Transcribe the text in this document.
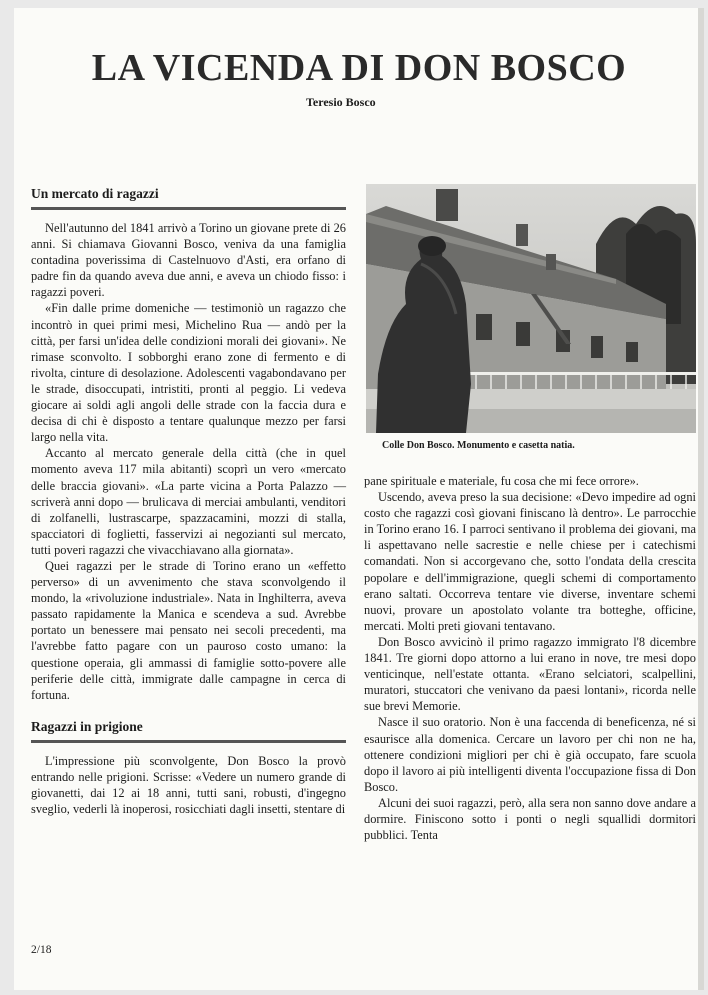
LA VICENDA DI DON BOSCO

Teresio Bosco

Un mercato di ragazzi

Nell'autunno del 1841 arrivò a Torino un giovane prete di 26 anni. Si chiamava Giovanni Bosco, veniva da una famiglia contadina poverissima di Castelnuovo d'Asti, era orfano di padre fin da quando aveva due anni, e aveva un chiodo fisso: i ragazzi poveri.

«Fin dalle prime domeniche — testimoniò un ragazzo che incontrò in quei primi mesi, Michelino Rua — andò per la città, per farsi un'idea delle condizioni morali dei giovani». Ne rimase sconvolto. I sobborghi erano zone di fermento e di rivolta, cinture di desolazione. Adolescenti vagabondavano per le strade, disoccupati, intristiti, pronti al peggio. Li vedeva giocare ai soldi agli angoli delle strade con la faccia dura e decisa di chi è disposto a tentare qualunque mezzo per farsi largo nella vita.

Accanto al mercato generale della città (che in quel momento aveva 117 mila abitanti) scoprì un vero «mercato delle braccia giovani». «La parte vicina a Porta Palazzo — scriverà anni dopo — brulicava di merciai ambulanti, venditori di zolfanelli, lustrascarpe, spazzacamini, mozzi di stalla, spacciatori di foglietti, fasservizi ai negozianti sul mercato, tutti poveri ragazzi che vivacchiavano alla giornata».

Quei ragazzi per le strade di Torino erano un «effetto perverso» di un avvenimento che stava sconvolgendo il mondo, la «rivoluzione industriale». Nata in Inghilterra, aveva passato rapidamente la Manica e scendeva a sud. Avrebbe portato un benessere mai pensato nei secoli precedenti, ma l'avrebbe fatto pagare con un pauroso costo umano: la questione operaia, gli ammassi di famiglie sotto-povere alle periferie delle città, immigrate dalle campagne in cerca di fortuna.

Ragazzi in prigione

L'impressione più sconvolgente, Don Bosco la provò entrando nelle prigioni. Scrisse: «Vedere un numero grande di giovanetti, dai 12 ai 18 anni, tutti sani, robusti, d'ingegno sveglio, vederli là inoperosi, rosicchiati dagli insetti, stentare di

Colle Don Bosco. Monumento e casetta natia.

pane spirituale e materiale, fu cosa che mi fece orrore».

Uscendo, aveva preso la sua decisione: «Devo impedire ad ogni costo che ragazzi così giovani finiscano là dentro». Le parrocchie in Torino erano 16. I parroci sentivano il problema dei giovani, ma li aspettavano nelle sacrestie e nelle chiese per i catechismi comandati. Non si accorgevano che, sotto l'ondata della crescita popolare e dell'immigrazione, quegli schemi di comportamento erano saltati. Occorreva tentare vie diverse, inventare schemi nuovi, provare un apostolato volante tra botteghe, officine, mercati. Molti preti giovani tentavano.

Don Bosco avvicinò il primo ragazzo immigrato l'8 dicembre 1841. Tre giorni dopo attorno a lui erano in nove, tre mesi dopo venticinque, nell'estate ottanta. «Erano selciatori, scalpellini, muratori, stuccatori che venivano da paesi lontani», ricorda nelle sue brevi Memorie.

Nasce il suo oratorio. Non è una faccenda di beneficenza, né si esaurisce alla domenica. Cercare un lavoro per chi non ne ha, ottenere condizioni migliori per chi è già occupato, fare scuola dopo il lavoro ai più intelligenti diventa l'occupazione fissa di Don Bosco.

Alcuni dei suoi ragazzi, però, alla sera non sanno dove andare a dormire. Finiscono sotto i ponti o negli squallidi dormitori pubblici. Tenta

2/18
